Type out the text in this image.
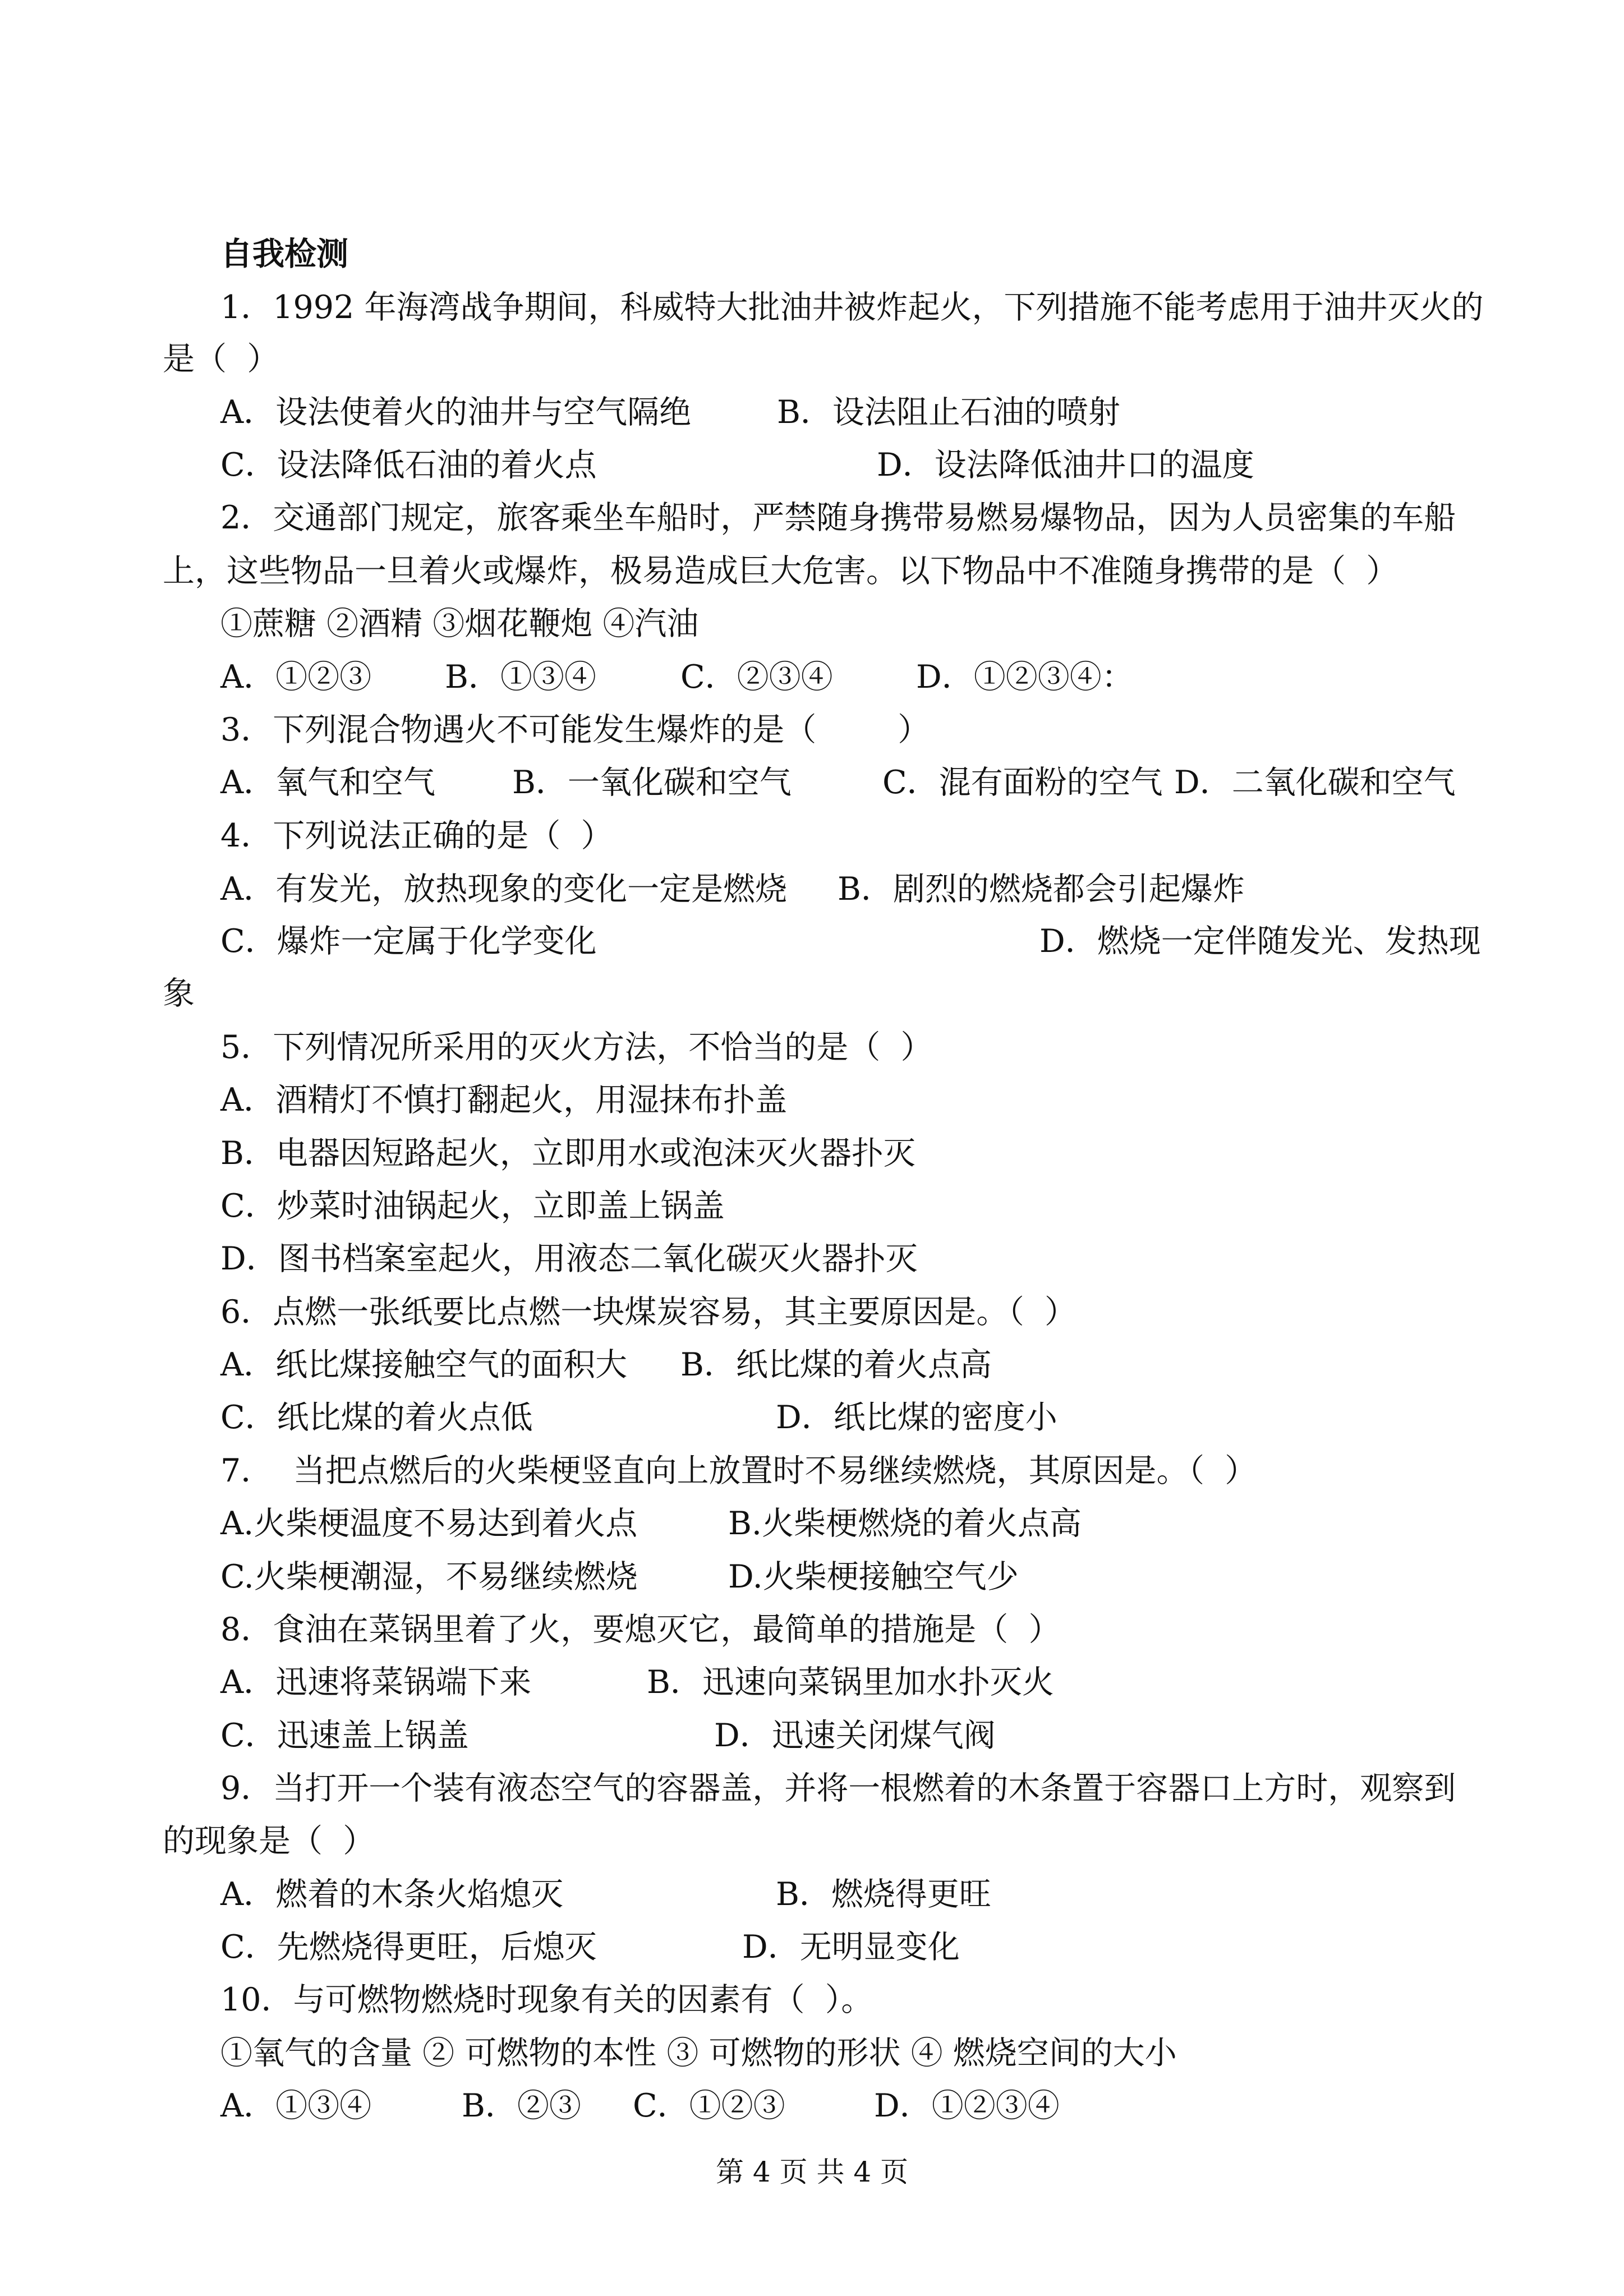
自我检测
1．1992 年海湾战争期间，科威特大批油井被炸起火，下列措施不能考虑用于油井灭火的
是（  ）
A．设法使着火的油井与空气隔绝	B．设法阻止石油的喷射
C．设法降低石油的着火点	D．设法降低油井口的温度
2．交通部门规定，旅客乘坐车船时，严禁随身携带易燃易爆物品，因为人员密集的车船
上，这些物品一旦着火或爆炸，极易造成巨大危害。以下物品中不准随身携带的是（  ）
①蔗糖 ②酒精 ③烟花鞭炮 ④汽油
A．①②③ B．①③④	C．②③④	D．①②③④：
3．下列混合物遇火不可能发生爆炸的是（        ）
A．氧气和空气 B．一氧化碳和空气	C．混有面粉的空气 D．二氧化碳和空气
4．下列说法正确的是（  ）
A．有发光，放热现象的变化一定是燃烧 B．剧烈的燃烧都会引起爆炸
C．爆炸一定属于化学变化	D．燃烧一定伴随发光、发热现
象
5．下列情况所采用的灭火方法，不恰当的是（  ）
A．酒精灯不慎打翻起火，用湿抹布扑盖
B．电器因短路起火，立即用水或泡沫灭火器扑灭
C．炒菜时油锅起火，立即盖上锅盖
D．图书档案室起火，用液态二氧化碳灭火器扑灭
6．点燃一张纸要比点燃一块煤炭容易，其主要原因是。（  ）
A．纸比煤接触空气的面积大 B．纸比煤的着火点高
C．纸比煤的着火点低	D．纸比煤的密度小
7．  当把点燃后的火柴梗竖直向上放置时不易继续燃烧，其原因是。（  ）
A.火柴梗温度不易达到着火点	B.火柴梗燃烧的着火点高
C.火柴梗潮湿，不易继续燃烧	D.火柴梗接触空气少
8．食油在菜锅里着了火，要熄灭它，最简单的措施是（  ）
A．迅速将菜锅端下来	B．迅速向菜锅里加水扑灭火
C．迅速盖上锅盖	D．迅速关闭煤气阀
9．当打开一个装有液态空气的容器盖，并将一根燃着的木条置于容器口上方时，观察到
的现象是（  ）
A．燃着的木条火焰熄灭	B．燃烧得更旺
C．先燃烧得更旺，后熄灭	D．无明显变化
10．与可燃物燃烧时现象有关的因素有（  ）。
①氧气的含量 ② 可燃物的本性 ③ 可燃物的形状 ④ 燃烧空间的大小
A．①③④	B．②③ C．①②③	D．①②③④
第 4 页 共 4 页
